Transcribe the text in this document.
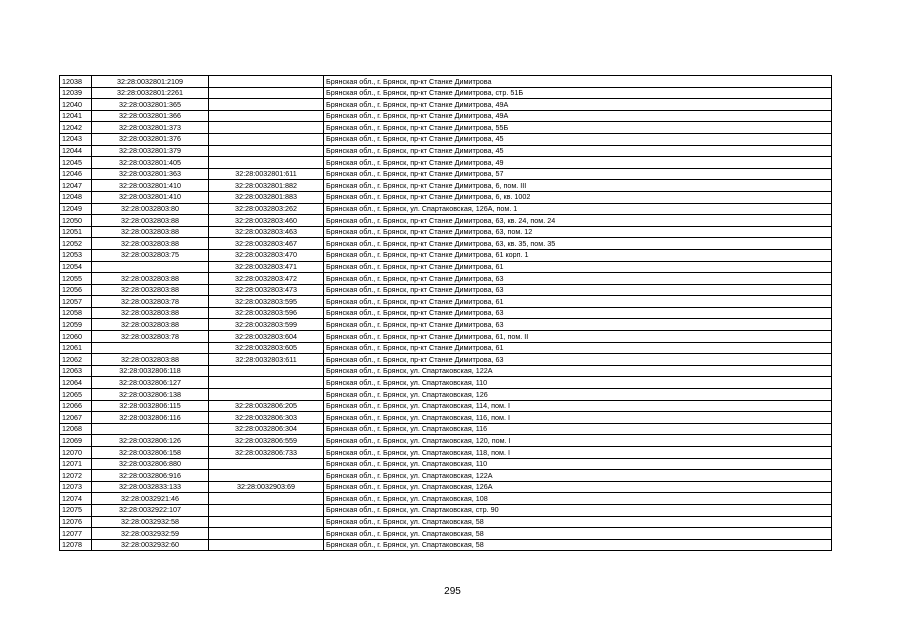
12038	32:28:0032801:2109		Брянская обл., г. Брянск, пр-кт Станке Димитрова
12039	32:28:0032801:2261		Брянская обл., г. Брянск, пр-кт Станке Димитрова, стр. 51Б
12040	32:28:0032801:365		Брянская обл., г. Брянск, пр-кт Станке Димитрова, 49А
12041	32:28:0032801:366		Брянская обл., г. Брянск, пр-кт Станке Димитрова, 49А
12042	32:28:0032801:373		Брянская обл., г. Брянск, пр-кт Станке Димитрова, 55Б
12043	32:28:0032801:376		Брянская обл., г. Брянск, пр-кт Станке Димитрова, 45
12044	32:28:0032801:379		Брянская обл., г. Брянск, пр-кт Станке Димитрова, 45
12045	32:28:0032801:405		Брянская обл., г. Брянск, пр-кт Станке Димитрова, 49
12046	32:28:0032801:363	32:28:0032801:611	Брянская обл., г. Брянск, пр-кт Станке Димитрова, 57
12047	32:28:0032801:410	32:28:0032801:882	Брянская обл., г. Брянск, пр-кт Станке Димитрова, 6, пом. III
12048	32:28:0032801:410	32:28:0032801:883	Брянская обл., г. Брянск, пр-кт Станке Димитрова, 6, кв. 1002
12049	32:28:0032803:80	32:28:0032803:262	Брянская обл., г. Брянск, ул. Спартаковская, 126А, пом. 1
12050	32:28:0032803:88	32:28:0032803:460	Брянская обл., г. Брянск, пр-кт Станке Димитрова, 63, кв. 24, пом. 24
12051	32:28:0032803:88	32:28:0032803:463	Брянская обл., г. Брянск, пр-кт Станке Димитрова, 63, пом. 12
12052	32:28:0032803:88	32:28:0032803:467	Брянская обл., г. Брянск, пр-кт Станке Димитрова, 63, кв. 35, пом. 35
12053	32:28:0032803:75	32:28:0032803:470	Брянская обл., г. Брянск, пр-кт Станке Димитрова, 61 корп. 1
12054		32:28:0032803:471	Брянская обл., г. Брянск, пр-кт Станке Димитрова, 61
12055	32:28:0032803:88	32:28:0032803:472	Брянская обл., г. Брянск, пр-кт Станке Димитрова, 63
12056	32:28:0032803:88	32:28:0032803:473	Брянская обл., г. Брянск, пр-кт Станке Димитрова, 63
12057	32:28:0032803:78	32:28:0032803:595	Брянская обл., г. Брянск, пр-кт Станке Димитрова, 61
12058	32:28:0032803:88	32:28:0032803:596	Брянская обл., г. Брянск, пр-кт Станке Димитрова, 63
12059	32:28:0032803:88	32:28:0032803:599	Брянская обл., г. Брянск, пр-кт Станке Димитрова, 63
12060	32:28:0032803:78	32:28:0032803:604	Брянская обл., г. Брянск, пр-кт Станке Димитрова, 61, пом. II
12061		32:28:0032803:605	Брянская обл., г. Брянск, пр-кт Станке Димитрова, 61
12062	32:28:0032803:88	32:28:0032803:611	Брянская обл., г. Брянск, пр-кт Станке Димитрова, 63
12063	32:28:0032806:118		Брянская обл., г. Брянск, ул. Спартаковская, 122А
12064	32:28:0032806:127		Брянская обл., г. Брянск, ул. Спартаковская, 110
12065	32:28:0032806:138		Брянская обл., г. Брянск, ул. Спартаковская, 126
12066	32:28:0032806:115	32:28:0032806:205	Брянская обл., г. Брянск, ул. Спартаковская, 114, пом. I
12067	32:28:0032806:116	32:28:0032806:303	Брянская обл., г. Брянск, ул. Спартаковская, 116, пом. I
12068		32:28:0032806:304	Брянская обл., г. Брянск, ул. Спартаковская, 116
12069	32:28:0032806:126	32:28:0032806:559	Брянская обл., г. Брянск, ул. Спартаковская, 120, пом. I
12070	32:28:0032806:158	32:28:0032806:733	Брянская обл., г. Брянск, ул. Спартаковская, 118, пом. I
12071	32:28:0032806:880		Брянская обл., г. Брянск, ул. Спартаковская, 110
12072	32:28:0032806:916		Брянская обл., г. Брянск, ул. Спартаковская, 122А
12073	32:28:0032833:133	32:28:0032903:69	Брянская обл., г. Брянск, ул. Спартаковская, 126А
12074	32:28:0032921:46		Брянская обл., г. Брянск, ул. Спартаковская, 108
12075	32:28:0032922:107		Брянская обл., г. Брянск, ул. Спартаковская, стр. 90
12076	32:28:0032932:58		Брянская обл., г. Брянск, ул. Спартаковская, 58
12077	32:28:0032932:59		Брянская обл., г. Брянск, ул. Спартаковская, 58
12078	32:28:0032932:60		Брянская обл., г. Брянск, ул. Спартаковская, 58
295
